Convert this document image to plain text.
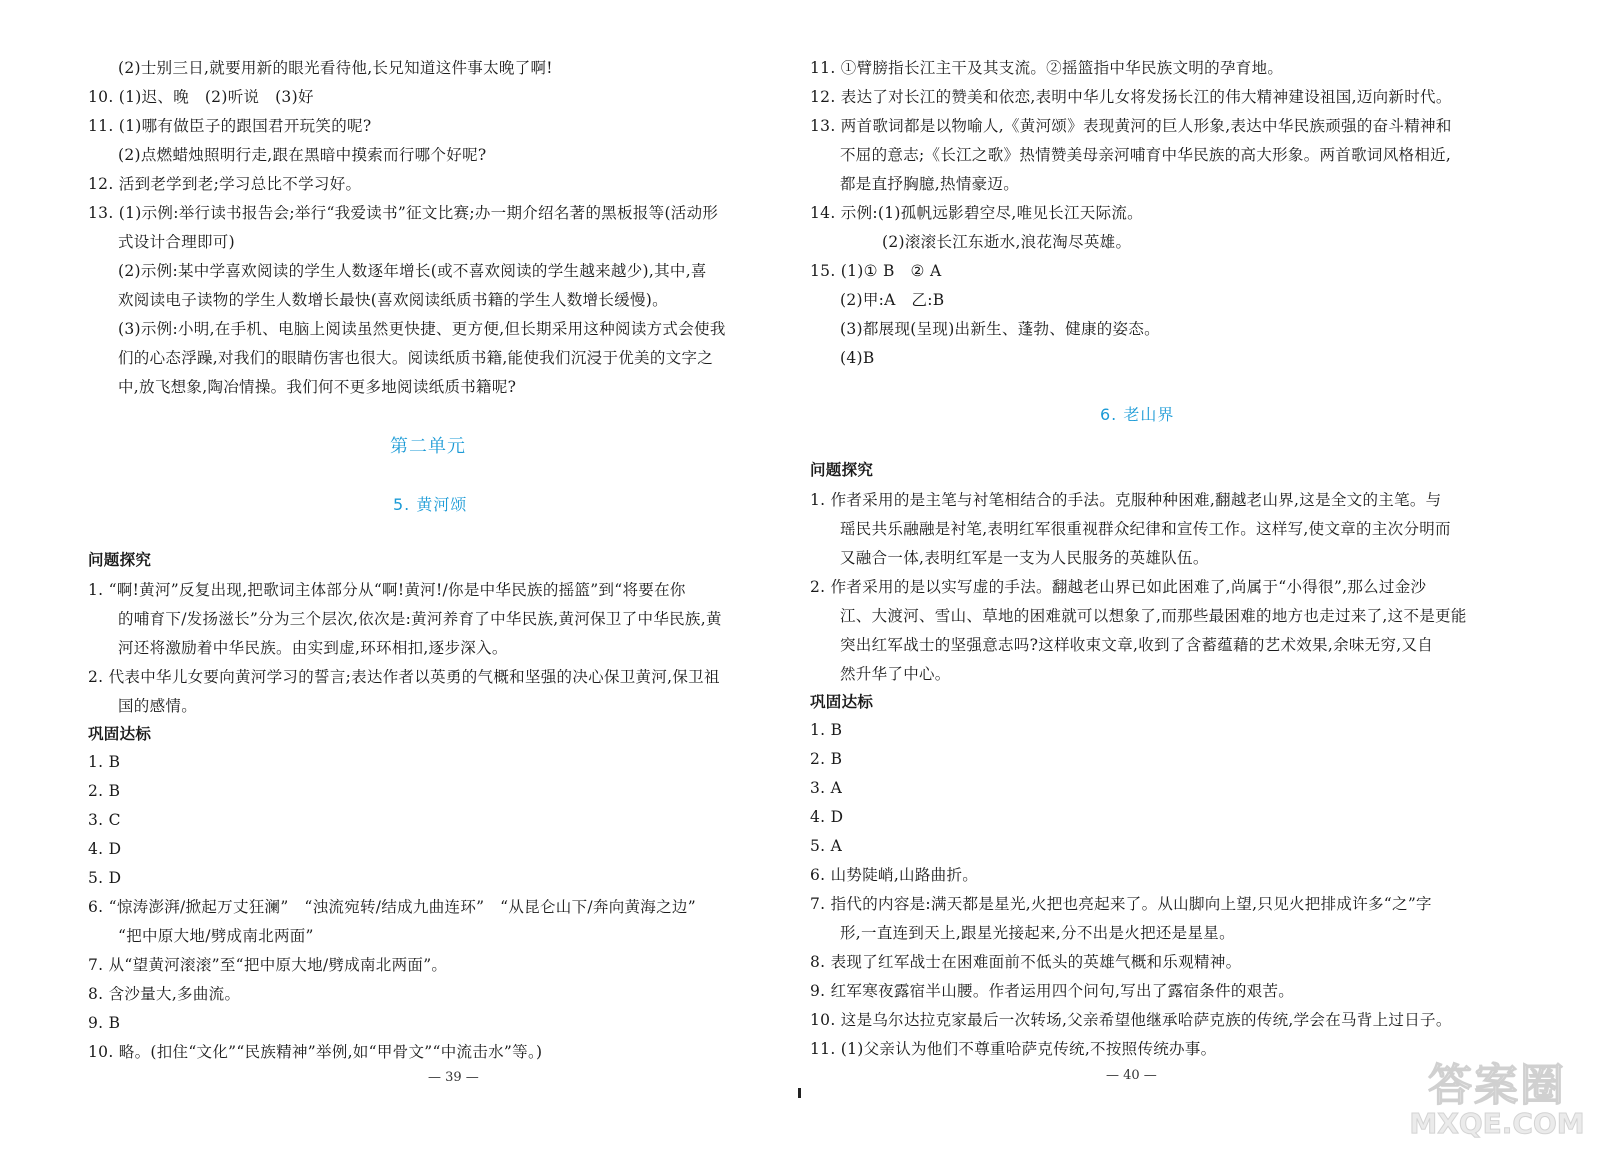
(2)士别三日,就要用新的眼光看待他,长兄知道这件事太晚了啊!
10. (1)迟、晚　(2)听说　(3)好
11. (1)哪有做臣子的跟国君开玩笑的呢?
(2)点燃蜡烛照明行走,跟在黑暗中摸索而行哪个好呢?
12. 活到老学到老;学习总比不学习好。
13. (1)示例:举行读书报告会;举行“我爱读书”征文比赛;办一期介绍名著的黑板报等(活动形
式设计合理即可)
(2)示例:某中学喜欢阅读的学生人数逐年增长(或不喜欢阅读的学生越来越少),其中,喜
欢阅读电子读物的学生人数增长最快(喜欢阅读纸质书籍的学生人数增长缓慢)。
(3)示例:小明,在手机、电脑上阅读虽然更快捷、更方便,但长期采用这种阅读方式会使我
们的心态浮躁,对我们的眼睛伤害也很大。阅读纸质书籍,能使我们沉浸于优美的文字之
中,放飞想象,陶冶情操。我们何不更多地阅读纸质书籍呢?
第二单元
5. 黄河颂
问题探究
1. “啊!黄河”反复出现,把歌词主体部分从“啊!黄河!/你是中华民族的摇篮”到“将要在你
的哺育下/发扬滋长”分为三个层次,依次是:黄河养育了中华民族,黄河保卫了中华民族,黄
河还将激励着中华民族。由实到虚,环环相扣,逐步深入。
2. 代表中华儿女要向黄河学习的誓言;表达作者以英勇的气概和坚强的决心保卫黄河,保卫祖
国的感情。
巩固达标
1. B
2. B
3. C
4. D
5. D
6. “惊涛澎湃/掀起万丈狂澜”　“浊流宛转/结成九曲连环”　“从昆仑山下/奔向黄海之边”
“把中原大地/劈成南北两面”
7. 从“望黄河滚滚”至“把中原大地/劈成南北两面”。
8. 含沙量大,多曲流。
9. B
10. 略。(扣住“文化”“民族精神”举例,如“甲骨文”“中流击水”等。)
— 39 —
11. ①臂膀指长江主干及其支流。②摇篮指中华民族文明的孕育地。
12. 表达了对长江的赞美和依恋,表明中华儿女将发扬长江的伟大精神建设祖国,迈向新时代。
13. 两首歌词都是以物喻人,《黄河颂》表现黄河的巨人形象,表达中华民族顽强的奋斗精神和
不屈的意志;《长江之歌》热情赞美母亲河哺育中华民族的高大形象。两首歌词风格相近,
都是直抒胸臆,热情豪迈。
14. 示例:(1)孤帆远影碧空尽,唯见长江天际流。
(2)滚滚长江东逝水,浪花淘尽英雄。
15. (1)① B　② A
(2)甲:A　乙:B
(3)都展现(呈现)出新生、蓬勃、健康的姿态。
(4)B
6. 老山界
问题探究
1. 作者采用的是主笔与衬笔相结合的手法。克服种种困难,翻越老山界,这是全文的主笔。与
瑶民共乐融融是衬笔,表明红军很重视群众纪律和宣传工作。这样写,使文章的主次分明而
又融合一体,表明红军是一支为人民服务的英雄队伍。
2. 作者采用的是以实写虚的手法。翻越老山界已如此困难了,尚属于“小得很”,那么过金沙
江、大渡河、雪山、草地的困难就可以想象了,而那些最困难的地方也走过来了,这不是更能
突出红军战士的坚强意志吗?这样收束文章,收到了含蓄蕴藉的艺术效果,余味无穷,又自
然升华了中心。
巩固达标
1. B
2. B
3. A
4. D
5. A
6. 山势陡峭,山路曲折。
7. 指代的内容是:满天都是星光,火把也亮起来了。从山脚向上望,只见火把排成许多“之”字
形,一直连到天上,跟星光接起来,分不出是火把还是星星。
8. 表现了红军战士在困难面前不低头的英雄气概和乐观精神。
9. 红军寒夜露宿半山腰。作者运用四个问句,写出了露宿条件的艰苦。
10. 这是乌尔达拉克家最后一次转场,父亲希望他继承哈萨克族的传统,学会在马背上过日子。
11. (1)父亲认为他们不尊重哈萨克传统,不按照传统办事。
— 40 —	答案圈
MXQE.COM
